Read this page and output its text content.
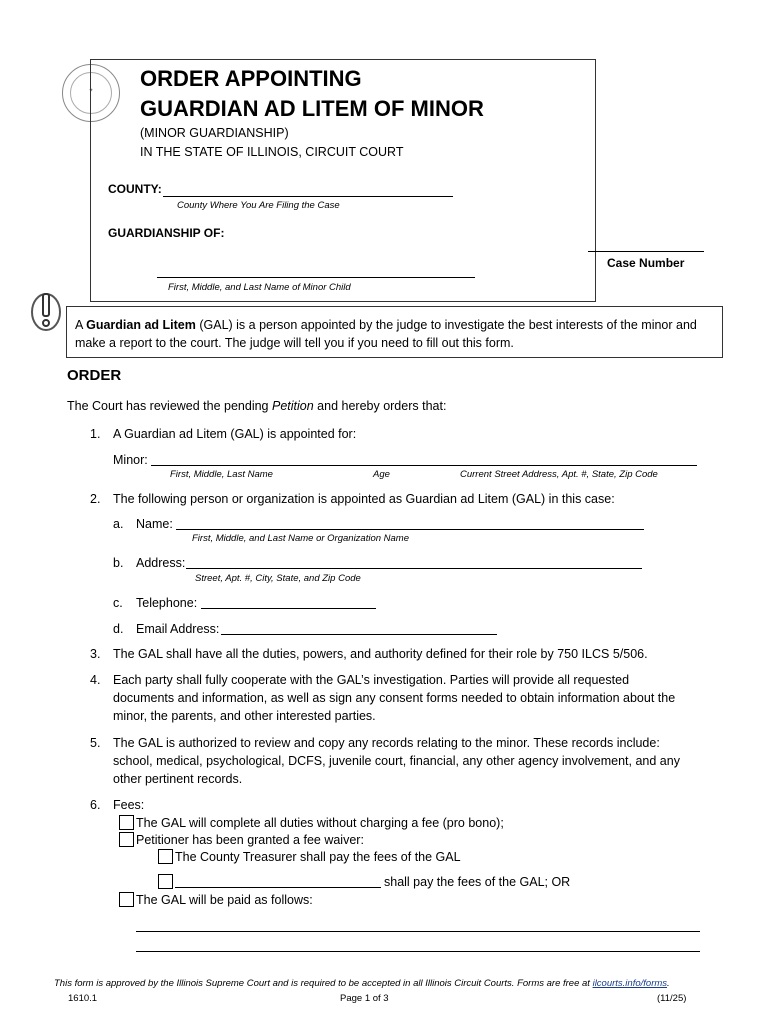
✦	ORDER APPOINTING
GUARDIAN AD LITEM OF MINOR
(MINOR GUARDIANSHIP)
IN THE STATE OF ILLINOIS, CIRCUIT COURT
COUNTY:
County Where You Are Filing the Case
GUARDIANSHIP OF:
First, Middle, and Last Name of Minor Child
Case Number
A Guardian ad Litem (GAL) is a person appointed by the judge to investigate the best interests of the minor and
make a report to the court. The judge will tell you if you need to fill out this form.
ORDER
The Court has reviewed the pending Petition and hereby orders that:
1. A Guardian ad Litem (GAL) is appointed for:
Minor:
First, Middle, Last Name	Age	Current Street Address, Apt. #, State, Zip Code
2. The following person or organization is appointed as Guardian ad Litem (GAL) in this case:
a. Name:
First, Middle, and Last Name or Organization Name
b. Address:
Street, Apt. #, City, State, and Zip Code
c. Telephone:
d. Email Address:
3. The GAL shall have all the duties, powers, and authority defined for their role by 750 ILCS 5/506.
4. Each party shall fully cooperate with the GAL’s investigation. Parties will provide all requested
documents and information, as well as sign any consent forms needed to obtain information about the
minor, the parents, and other interested parties.
5. The GAL is authorized to review and copy any records relating to the minor. These records include:
school, medical, psychological, DCFS, juvenile court, financial, any other agency involvement, and any
other pertinent records.
6. Fees:
The GAL will complete all duties without charging a fee (pro bono);
Petitioner has been granted a fee waiver:
The County Treasurer shall pay the fees of the GAL
shall pay the fees of the GAL; OR
The GAL will be paid as follows:
This form is approved by the Illinois Supreme Court and is required to be accepted in all Illinois Circuit Courts. Forms are free at ilcourts.info/forms.
1610.1	Page 1 of 3	(11/25)
